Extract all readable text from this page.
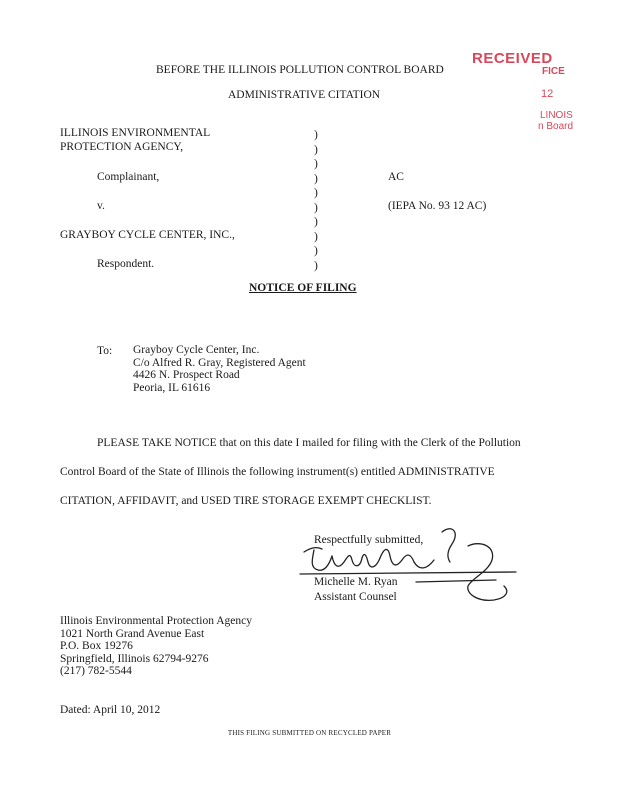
RECEIVED
FICE
12
LINOIS
n Board
BEFORE THE ILLINOIS POLLUTION CONTROL BOARD
ADMINISTRATIVE CITATION
ILLINOIS ENVIRONMENTAL
PROTECTION AGENCY,
Complainant,
v.
GRAYBOY CYCLE CENTER, INC.,
Respondent.
)
)
)
)
)
)
)
)
)
)
AC
(IEPA No. 93 12 AC)
NOTICE OF FILING
To: Grayboy Cycle Center, Inc.
C/o Alfred R. Gray, Registered Agent
4426 N. Prospect Road
Peoria, IL 61616
PLEASE TAKE NOTICE that on this date I mailed for filing with the Clerk of the Pollution
Control Board of the State of Illinois the following instrument(s) entitled ADMINISTRATIVE
CITATION, AFFIDAVIT, and USED TIRE STORAGE EXEMPT CHECKLIST.
Respectfully submitted,
Michelle M. Ryan
Assistant Counsel
Illinois Environmental Protection Agency
1021 North Grand Avenue East
P.O. Box 19276
Springfield, Illinois 62794-9276
(217) 782-5544
Dated: April 10, 2012
THIS FILING SUBMITTED ON RECYCLED PAPER
